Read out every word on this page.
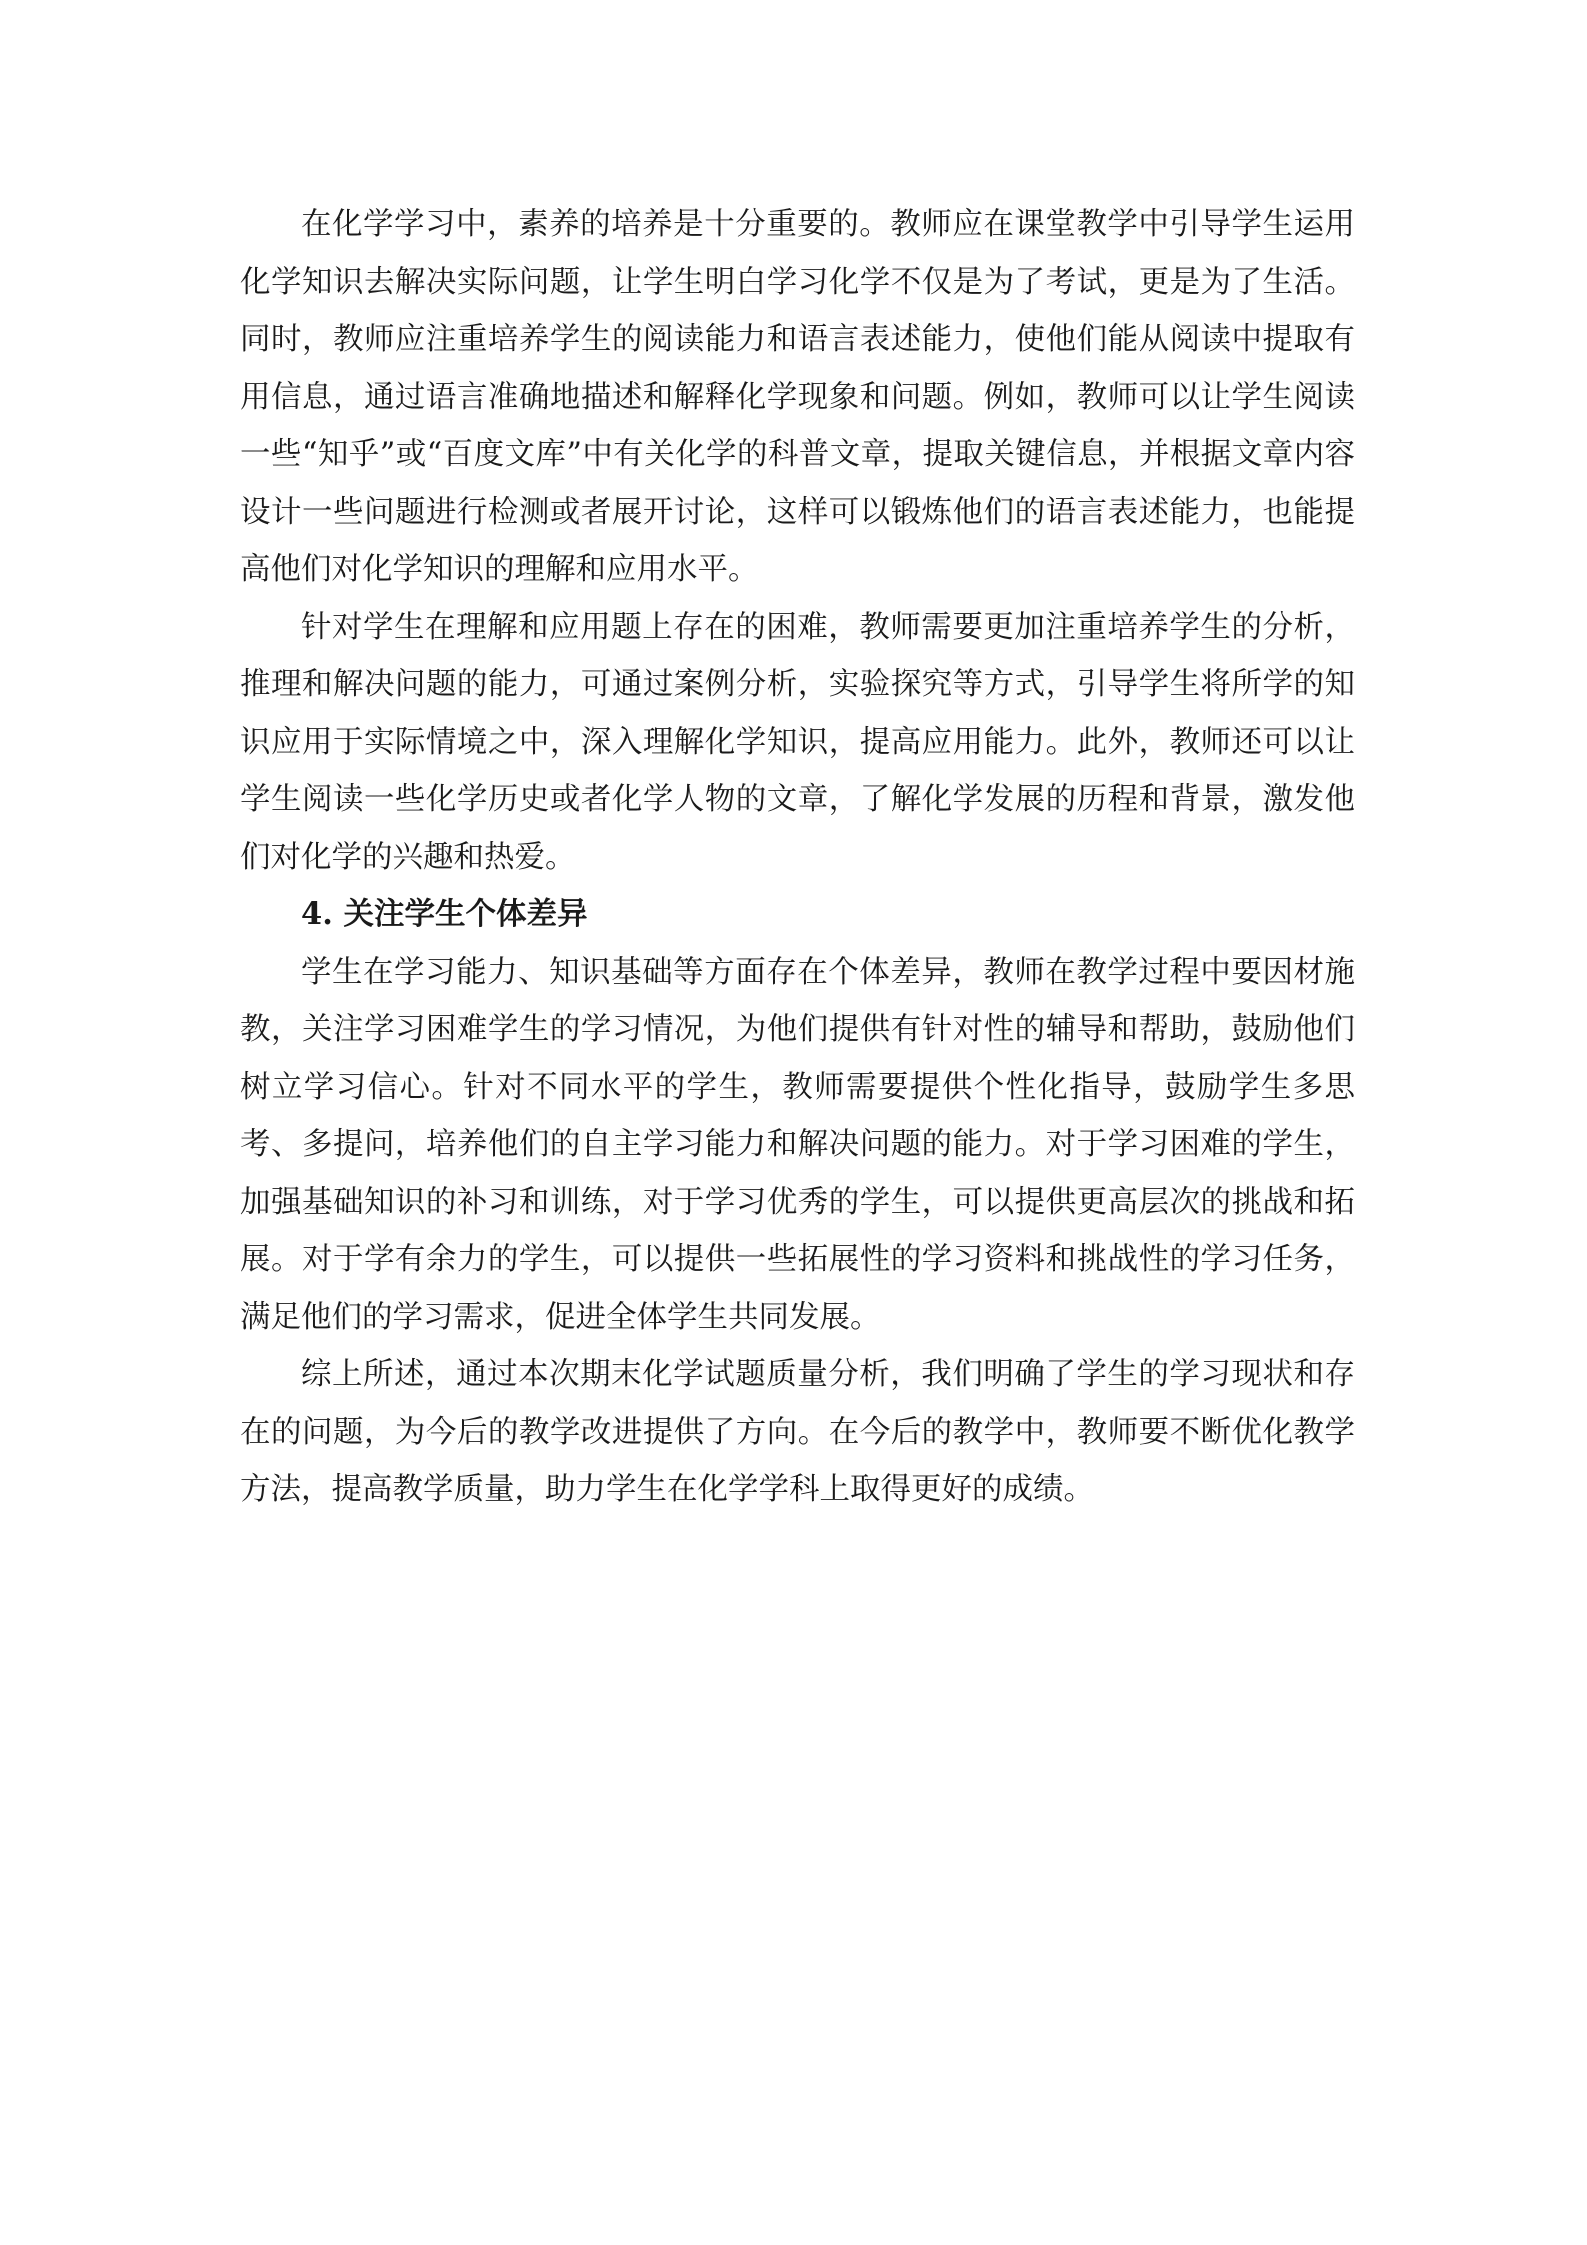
在化学学习中，素养的培养是十分重要的。教师应在课堂教学中引导学生运用化学知识去解决实际问题，让学生明白学习化学不仅是为了考试，更是为了生活。同时，教师应注重培养学生的阅读能力和语言表述能力，使他们能从阅读中提取有用信息，通过语言准确地描述和解释化学现象和问题。例如，教师可以让学生阅读一些“知乎”或“百度文库”中有关化学的科普文章，提取关键信息，并根据文章内容设计一些问题进行检测或者展开讨论，这样可以锻炼他们的语言表述能力，也能提高他们对化学知识的理解和应用水平。

针对学生在理解和应用题上存在的困难，教师需要更加注重培养学生的分析，推理和解决问题的能力，可通过案例分析，实验探究等方式，引导学生将所学的知识应用于实际情境之中，深入理解化学知识，提高应用能力。此外，教师还可以让学生阅读一些化学历史或者化学人物的文章，了解化学发展的历程和背景，激发他们对化学的兴趣和热爱。

4. 关注学生个体差异

学生在学习能力、知识基础等方面存在个体差异，教师在教学过程中要因材施教，关注学习困难学生的学习情况，为他们提供有针对性的辅导和帮助，鼓励他们树立学习信心。针对不同水平的学生，教师需要提供个性化指导，鼓励学生多思考、多提问，培养他们的自主学习能力和解决问题的能力。对于学习困难的学生，加强基础知识的补习和训练，对于学习优秀的学生，可以提供更高层次的挑战和拓展。对于学有余力的学生，可以提供一些拓展性的学习资料和挑战性的学习任务，满足他们的学习需求，促进全体学生共同发展。

综上所述，通过本次期末化学试题质量分析，我们明确了学生的学习现状和存在的问题，为今后的教学改进提供了方向。在今后的教学中，教师要不断优化教学方法，提高教学质量，助力学生在化学学科上取得更好的成绩。
